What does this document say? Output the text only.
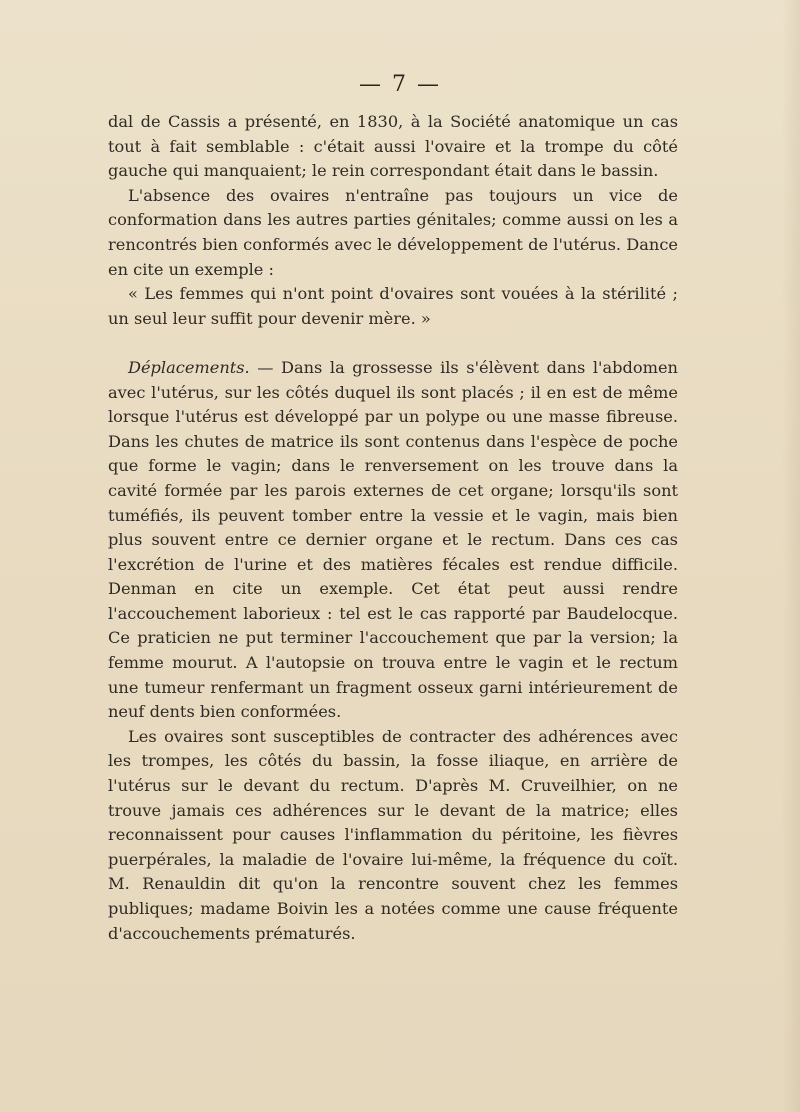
— 7 —

dal de Cassis a présenté, en 1830, à la Société anatomique un cas tout à fait semblable : c'était aussi l'ovaire et la trompe du côté gauche qui manquaient; le rein correspondant était dans le bassin.

L'absence des ovaires n'entraîne pas toujours un vice de conformation dans les autres parties génitales; comme aussi on les a rencontrés bien conformés avec le développement de l'utérus. Dance en cite un exemple :

« Les femmes qui n'ont point d'ovaires sont vouées à la stérilité ; un seul leur suffit pour devenir mère. »

Déplacements. — Dans la grossesse ils s'élèvent dans l'abdomen avec l'utérus, sur les côtés duquel ils sont placés ; il en est de même lorsque l'utérus est développé par un polype ou une masse fibreuse. Dans les chutes de matrice ils sont contenus dans l'espèce de poche que forme le vagin; dans le renversement on les trouve dans la cavité formée par les parois externes de cet organe; lorsqu'ils sont tuméfiés, ils peuvent tomber entre la vessie et le vagin, mais bien plus souvent entre ce dernier organe et le rectum. Dans ces cas l'excrétion de l'urine et des matières fécales est rendue difficile. Denman en cite un exemple. Cet état peut aussi rendre l'accouchement laborieux : tel est le cas rapporté par Baudelocque. Ce praticien ne put terminer l'accouchement que par la version; la femme mourut. A l'autopsie on trouva entre le vagin et le rectum une tumeur renfermant un fragment osseux garni intérieurement de neuf dents bien conformées.

Les ovaires sont susceptibles de contracter des adhérences avec les trompes, les côtés du bassin, la fosse iliaque, en arrière de l'utérus sur le devant du rectum. D'après M. Cruveilhier, on ne trouve jamais ces adhérences sur le devant de la matrice; elles reconnaissent pour causes l'inflammation du péritoine, les fièvres puerpérales, la maladie de l'ovaire lui-même, la fréquence du coït. M. Renauldin dit qu'on la rencontre souvent chez les femmes publiques; madame Boivin les a notées comme une cause fréquente d'accouchements prématurés.
